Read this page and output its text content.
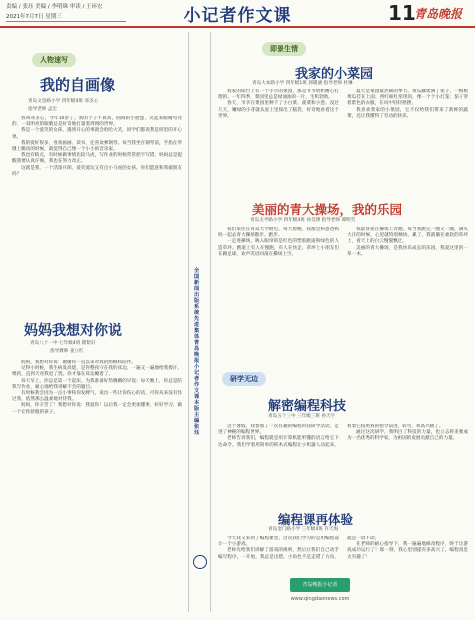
责编 / 张珏 美编 / 李明珠 审读 / 王环宏
2021年7月7日 星期三	小记者作文课	11
青岛晚报
人物速写
我的自画像
青岛文登路小学 四年级4班 邓圣心
指导老师 孟宏

我叫邓圣心，今年10岁了。我的个子不算高，圆圆的小脸蛋，笑起来眼睛弯弯的，一双明亮的眼睛总是好奇地打量着周围的世界。

我是一个爱笑的女孩，遇到开心的事就会哈哈大笑，同学们都说我是班里的开心果。

我的爱好很多，喜欢画画、读书，还喜欢弹钢琴。每当我坐在钢琴前，手指在琴键上跳动的时候，就觉得自己像一个小小的音乐家。

我也有缺点，有时候做事情比较马虎，写作业的时候常常把字写错。妈妈总是提醒我要认真仔细，我也在努力改正。

这就是我，一个活泼开朗、爱笑爱玩又有点小马虎的女孩。你们愿意和我做朋友吗？

妈妈我想对你说
青岛八十一中 七年级4班 隋紫轩
指导教师 姜立红

妈妈，我想对你说：谢谢你一直以来对我的照顾和陪伴。

记得小时候，我生病发高烧，是你整夜守在我的床边，一遍又一遍地给我擦汗、喂药，直到天亮我退了烧，你才靠在床边睡着了。

每天早上，你总是第一个起床，为我准备好热腾腾的早饭；每天晚上，你总是陪我写作业，耐心地给我讲解不会的题目。

有时候我会因为一点小事和你发脾气，说出一些让你伤心的话，可你从来没有怪过我，依然那么温柔地对待我。

妈妈，你辛苦了！我想对你说：我爱你！以后我一定会更加懂事，好好学习，做一个让你骄傲的孩子。

全国新闻出版系统先进集体 青岛晚报小记者作文课 本版主编 张珏
即景生情
我家的小菜园
青岛大本路小学 四年级1班 郭暖涵 指导老师 杜琳

我家的阳台上有一个小小的菜园，那是爷爷奶奶精心打理的。一年四季，菜园里总是绿油油的一片，生机勃勃。

春天，爷爷在菜园里种下了小白菜、菠菜和小葱。没过几天，嫩绿的小芽就从泥土里探出了脑袋，好奇地看着这个世界。

夏天是菜园最热闹的季节。黄瓜藤爬满了架子，一根根黄瓜挂在上面；西红柿红彤彤的，像一个个小灯笼；茄子穿着紫色的衣服，在风中轻轻摇摆。

我喜欢我家的小菜园，它不仅给我们带来了新鲜的蔬菜，还让我懂得了劳动的快乐。

美丽的青大操场，我的乐园
青岛太平路小学 四年级4班 孙昊博 指导老师 谭明雪

我们家住在青岛大学附近，每天傍晚，我都会和爸爸妈妈一起去青大操场散步、跑步。

一走进操场，映入眼帘的是红色的塑胶跑道和绿色的人造草坪。跑道上有人在慢跑，有人在快走；草坪上小朋友们在踢足球，欢声笑语回荡在操场上空。

我最喜欢在操场上奔跑。每当我跑完一圈又一圈，满头大汗的时候，心里就特别畅快。累了，我就躺在柔软的草坪上，看天上的白云慢慢飘过。

美丽的青大操场，是我快乐成长的乐园，我爱这里的一草一木。

研学无边
解密编程科技
青岛五十三中 三年级三班 孙天宇

这个暑假，我参加了一次有趣的编程科技研学活动，走进了神秘的编程世界。

老师告诉我们，编程就是用计算机能听懂的语言给它下达命令。我们学着用简单的积木式编程让小机器人动起来，看着它按照我的指令前进、转弯，我高兴极了。

通过这次研学，我明白了科技的力量，也立志将来要成为一名优秀的科学家，为祖国的发展贡献自己的力量。

编程课再体验
青岛金门路小学 三年级4班 许天海

今天我又来到了编程课堂，这次我们学习的是用编程设计一个小游戏。

老师先给我们讲解了游戏的规则，然后让我们自己动手编写程序。一开始，我总是出错，小角色不是走错了方向，就是一动不动。

在老师的耐心指导下，我一遍遍地修改程序，终于让游戏成功运行了！那一刻，我心里别提有多高兴了。编程真是太有趣了！

青岛晚报小记者
www.qingdaonews.com
